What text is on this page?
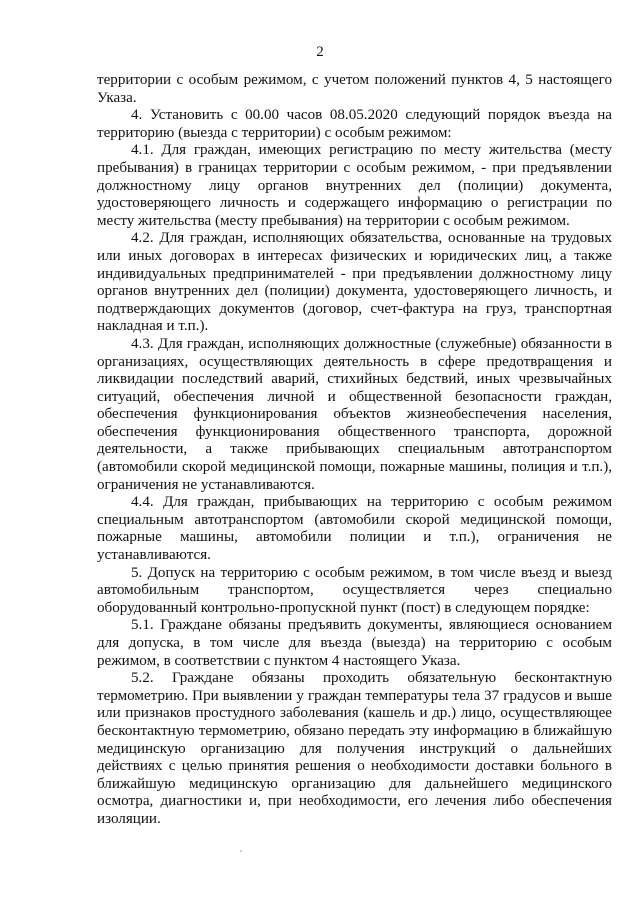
2

территории с особым режимом, с учетом положений пунктов 4, 5 настоящего Указа.

4. Установить с 00.00 часов 08.05.2020 следующий порядок въезда на территорию (выезда с территории) с особым режимом:

4.1. Для граждан, имеющих регистрацию по месту жительства (месту пребывания) в границах территории с особым режимом, - при предъявлении должностному лицу органов внутренних дел (полиции) документа, удостоверяющего личность и содержащего информацию о регистрации по месту жительства (месту пребывания) на территории с особым режимом.

4.2. Для граждан, исполняющих обязательства, основанные на трудовых или иных договорах в интересах физических и юридических лиц, а также индивидуальных предпринимателей - при предъявлении должностному лицу органов внутренних дел (полиции) документа, удостоверяющего личность, и подтверждающих документов (договор, счет-фактура на груз, транспортная накладная и т.п.).

4.3. Для граждан, исполняющих должностные (служебные) обязанности в организациях, осуществляющих деятельность в сфере предотвращения и ликвидации последствий аварий, стихийных бедствий, иных чрезвычайных ситуаций, обеспечения личной и общественной безопасности граждан, обеспечения функционирования объектов жизнеобеспечения населения, обеспечения функционирования общественного транспорта, дорожной деятельности, а также прибывающих специальным автотранспортом (автомобили скорой медицинской помощи, пожарные машины, полиция и т.п.), ограничения не устанавливаются.

4.4. Для граждан, прибывающих на территорию с особым режимом специальным автотранспортом (автомобили скорой медицинской помощи, пожарные машины, автомобили полиции и т.п.), ограничения не устанавливаются.

5. Допуск на территорию с особым режимом, в том числе въезд и выезд автомобильным транспортом, осуществляется через специально оборудованный контрольно-пропускной пункт (пост) в следующем порядке:

5.1. Граждане обязаны предъявить документы, являющиеся основанием для допуска, в том числе для въезда (выезда) на территорию с особым режимом, в соответствии с пунктом 4 настоящего Указа.

5.2. Граждане обязаны проходить обязательную бесконтактную термометрию. При выявлении у граждан температуры тела 37 градусов и выше или признаков простудного заболевания (кашель и др.) лицо, осуществляющее бесконтактную термометрию, обязано передать эту информацию в ближайшую медицинскую организацию для получения инструкций о дальнейших действиях с целью принятия решения о необходимости доставки больного в ближайшую медицинскую организацию для дальнейшего медицинского осмотра, диагностики и, при необходимости, его лечения либо обеспечения изоляции.
